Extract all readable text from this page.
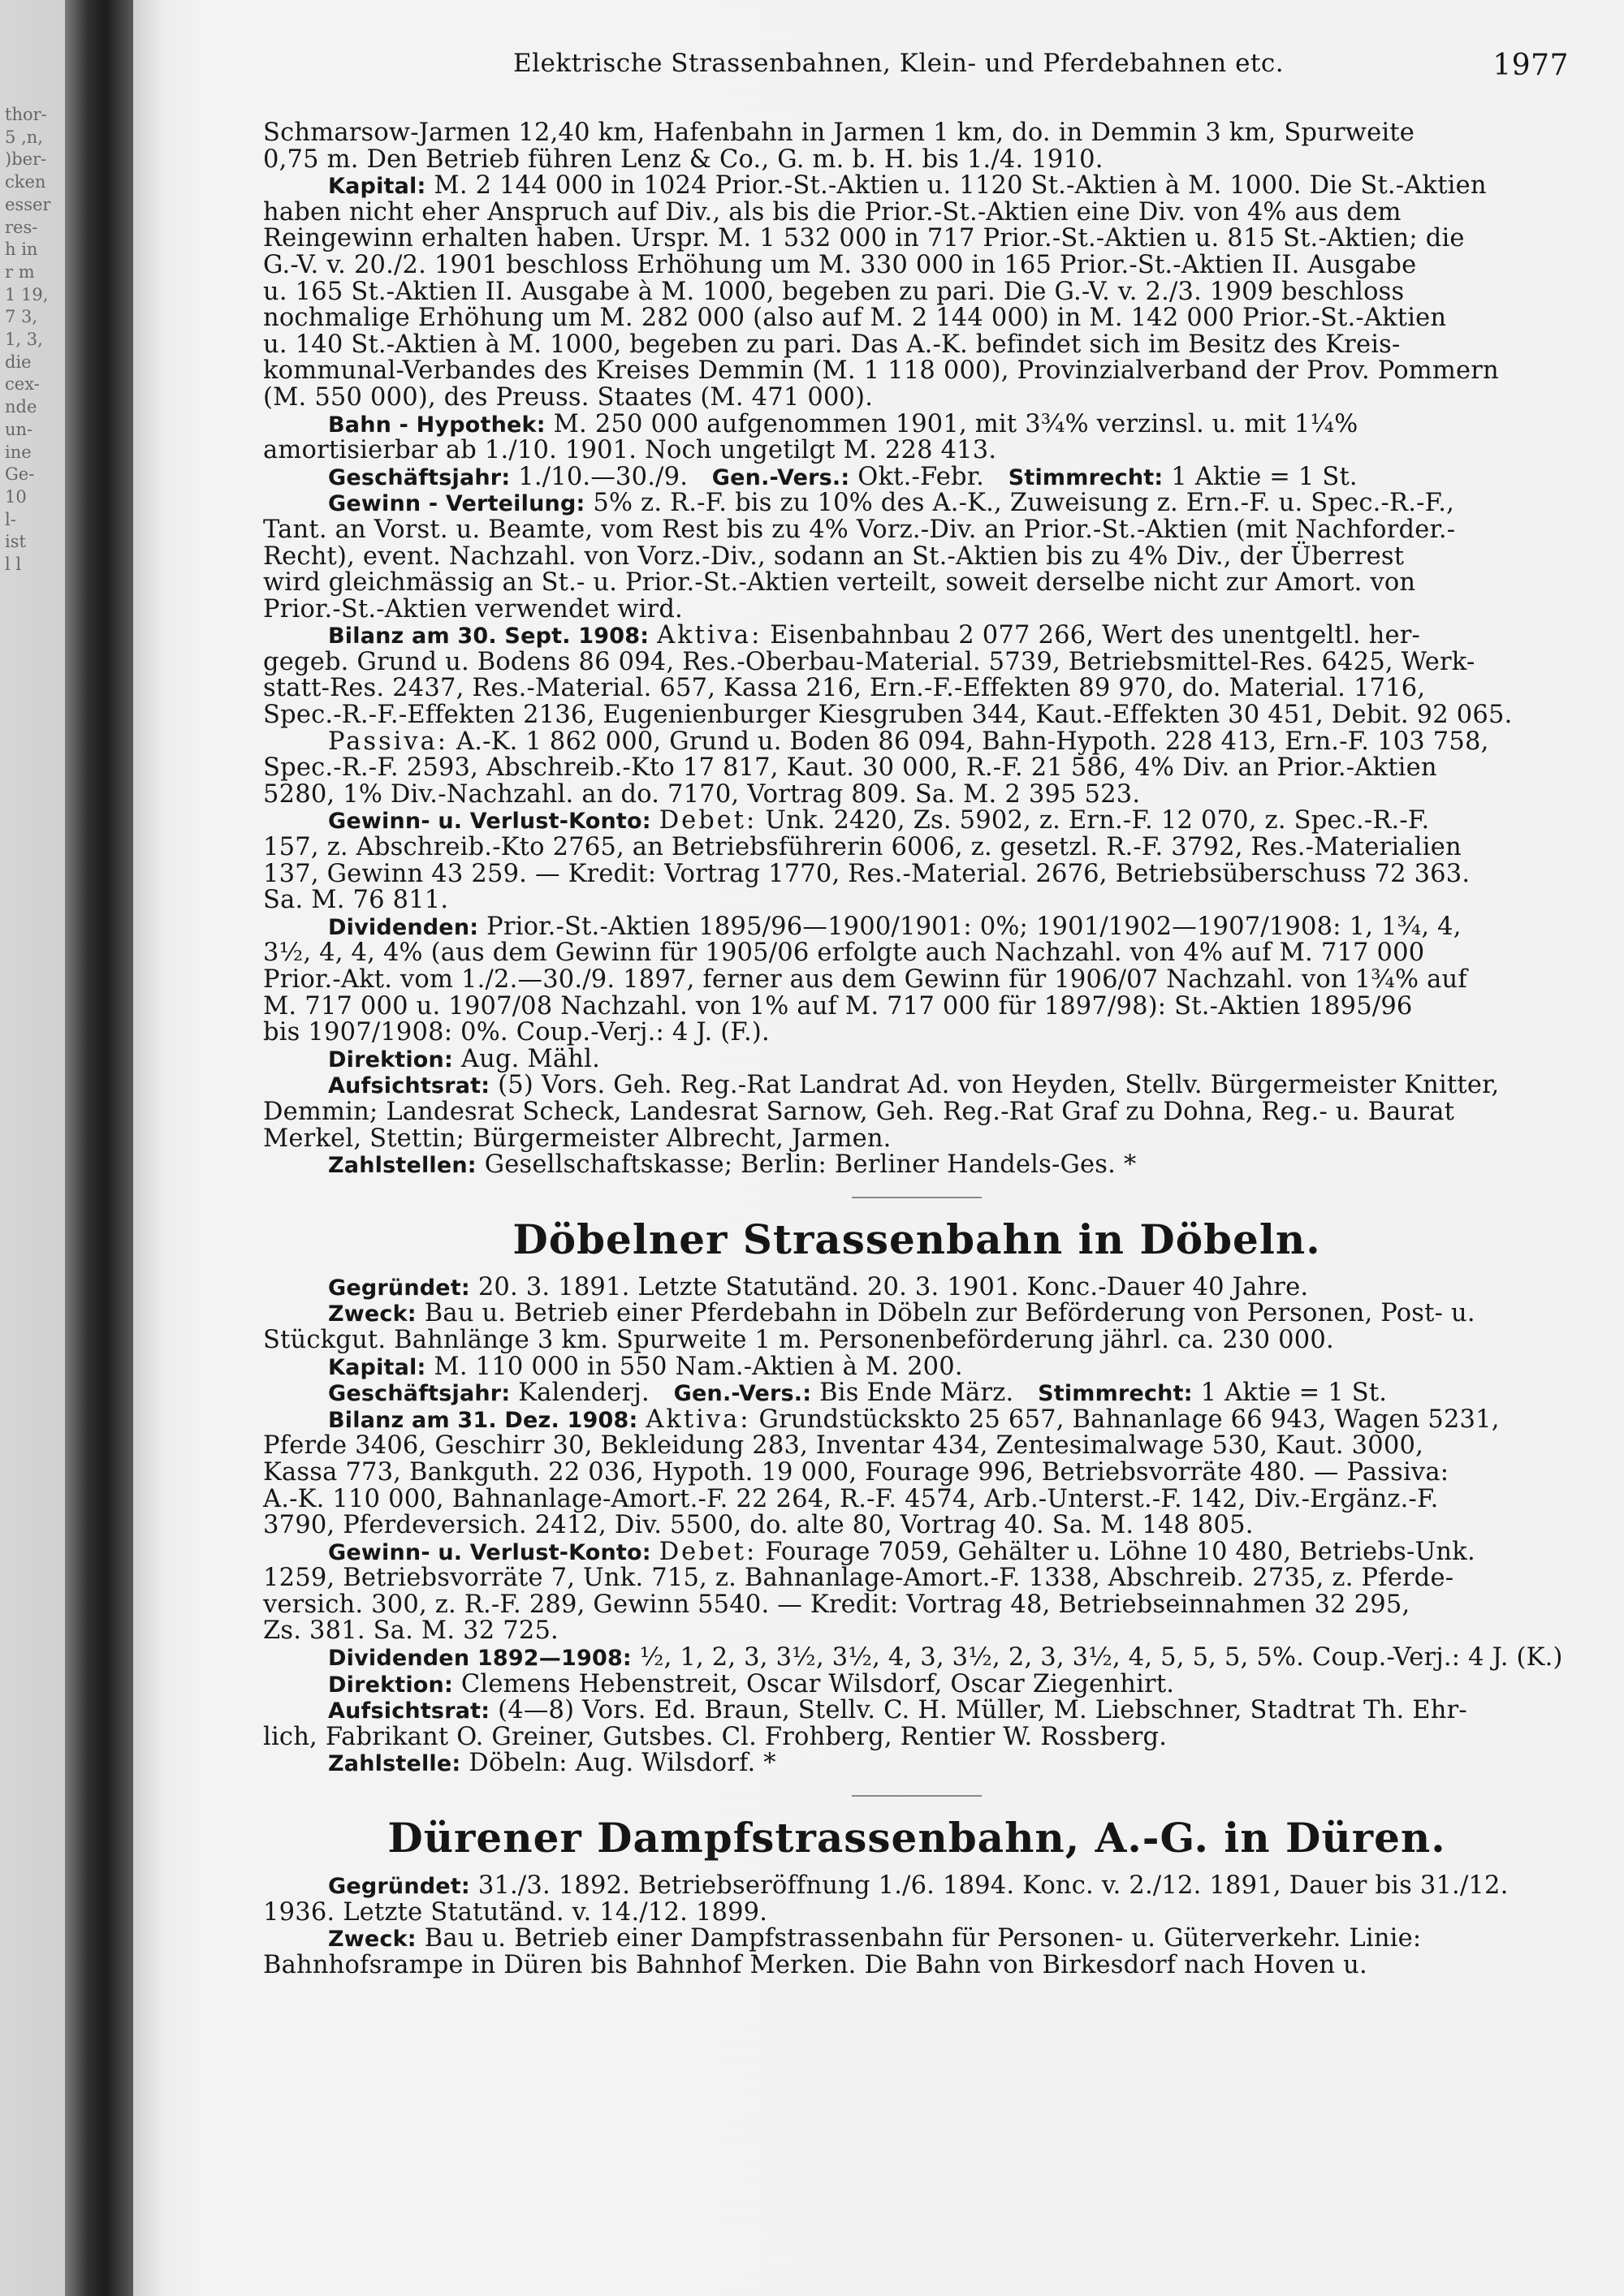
thor-
5 ‚n,
)ber-
cken
esser
res-
h in
r m
1 19,
7 3,
1, 3,
die
cex-
nde
un-
ine
Ge-
10
l-
ist
l l
Elektrische Strassenbahnen, Klein- und Pferdebahnen etc.	1977
Schmarsow-Jarmen 12,40 km, Hafenbahn in Jarmen 1 km, do. in Demmin 3 km, Spurweite
0,75 m. Den Betrieb führen Lenz & Co., G. m. b. H. bis 1./4. 1910.
Kapital: M. 2 144 000 in 1024 Prior.-St.-Aktien u. 1120 St.-Aktien à M. 1000. Die St.-Aktien
haben nicht eher Anspruch auf Div., als bis die Prior.-St.-Aktien eine Div. von 4% aus dem
Reingewinn erhalten haben. Urspr. M. 1 532 000 in 717 Prior.-St.-Aktien u. 815 St.-Aktien; die
G.-V. v. 20./2. 1901 beschloss Erhöhung um M. 330 000 in 165 Prior.-St.-Aktien II. Ausgabe
u. 165 St.-Aktien II. Ausgabe à M. 1000, begeben zu pari. Die G.-V. v. 2./3. 1909 beschloss
nochmalige Erhöhung um M. 282 000 (also auf M. 2 144 000) in M. 142 000 Prior.-St.-Aktien
u. 140 St.-Aktien à M. 1000, begeben zu pari. Das A.-K. befindet sich im Besitz des Kreis-
kommunal-Verbandes des Kreises Demmin (M. 1 118 000), Provinzialverband der Prov. Pommern
(M. 550 000), des Preuss. Staates (M. 471 000).
Bahn - Hypothek: M. 250 000 aufgenommen 1901, mit 3¾% verzinsl. u. mit 1¼%
amortisierbar ab 1./10. 1901. Noch ungetilgt M. 228 413.
Geschäftsjahr: 1./10.—30./9. Gen.-Vers.: Okt.-Febr. Stimmrecht: 1 Aktie = 1 St.
Gewinn - Verteilung: 5% z. R.-F. bis zu 10% des A.-K., Zuweisung z. Ern.-F. u. Spec.-R.-F.,
Tant. an Vorst. u. Beamte, vom Rest bis zu 4% Vorz.-Div. an Prior.-St.-Aktien (mit Nachforder.-
Recht), event. Nachzahl. von Vorz.-Div., sodann an St.-Aktien bis zu 4% Div., der Überrest
wird gleichmässig an St.- u. Prior.-St.-Aktien verteilt, soweit derselbe nicht zur Amort. von
Prior.-St.-Aktien verwendet wird.
Bilanz am 30. Sept. 1908: Aktiva: Eisenbahnbau 2 077 266, Wert des unentgeltl. her-
gegeb. Grund u. Bodens 86 094, Res.-Oberbau-Material. 5739, Betriebsmittel-Res. 6425, Werk-
statt-Res. 2437, Res.-Material. 657, Kassa 216, Ern.-F.-Effekten 89 970, do. Material. 1716,
Spec.-R.-F.-Effekten 2136, Eugenienburger Kiesgruben 344, Kaut.-Effekten 30 451, Debit. 92 065.
Passiva: A.-K. 1 862 000, Grund u. Boden 86 094, Bahn-Hypoth. 228 413, Ern.-F. 103 758,
Spec.-R.-F. 2593, Abschreib.-Kto 17 817, Kaut. 30 000, R.-F. 21 586, 4% Div. an Prior.-Aktien
5280, 1% Div.-Nachzahl. an do. 7170, Vortrag 809. Sa. M. 2 395 523.
Gewinn- u. Verlust-Konto: Debet: Unk. 2420, Zs. 5902, z. Ern.-F. 12 070, z. Spec.-R.-F.
157, z. Abschreib.-Kto 2765, an Betriebsführerin 6006, z. gesetzl. R.-F. 3792, Res.-Materialien
137, Gewinn 43 259. — Kredit: Vortrag 1770, Res.-Material. 2676, Betriebsüberschuss 72 363.
Sa. M. 76 811.
Dividenden: Prior.-St.-Aktien 1895/96—1900/1901: 0%; 1901/1902—1907/1908: 1, 1¾, 4,
3½, 4, 4, 4% (aus dem Gewinn für 1905/06 erfolgte auch Nachzahl. von 4% auf M. 717 000
Prior.-Akt. vom 1./2.—30./9. 1897, ferner aus dem Gewinn für 1906/07 Nachzahl. von 1¾% auf
M. 717 000 u. 1907/08 Nachzahl. von 1% auf M. 717 000 für 1897/98): St.-Aktien 1895/96
bis 1907/1908: 0%. Coup.-Verj.: 4 J. (F.).
Direktion: Aug. Mähl.
Aufsichtsrat: (5) Vors. Geh. Reg.-Rat Landrat Ad. von Heyden, Stellv. Bürgermeister Knitter,
Demmin; Landesrat Scheck, Landesrat Sarnow, Geh. Reg.-Rat Graf zu Dohna, Reg.- u. Baurat
Merkel, Stettin; Bürgermeister Albrecht, Jarmen.
Zahlstellen: Gesellschaftskasse; Berlin: Berliner Handels-Ges. *
Döbelner Strassenbahn in Döbeln.
Gegründet: 20. 3. 1891. Letzte Statutänd. 20. 3. 1901. Konc.-Dauer 40 Jahre.
Zweck: Bau u. Betrieb einer Pferdebahn in Döbeln zur Beförderung von Personen, Post- u.
Stückgut. Bahnlänge 3 km. Spurweite 1 m. Personenbeförderung jährl. ca. 230 000.
Kapital: M. 110 000 in 550 Nam.-Aktien à M. 200.
Geschäftsjahr: Kalenderj. Gen.-Vers.: Bis Ende März. Stimmrecht: 1 Aktie = 1 St.
Bilanz am 31. Dez. 1908: Aktiva: Grundstückskto 25 657, Bahnanlage 66 943, Wagen 5231,
Pferde 3406, Geschirr 30, Bekleidung 283, Inventar 434, Zentesimalwage 530, Kaut. 3000,
Kassa 773, Bankguth. 22 036, Hypoth. 19 000, Fourage 996, Betriebsvorräte 480. — Passiva:
A.-K. 110 000, Bahnanlage-Amort.-F. 22 264, R.-F. 4574, Arb.-Unterst.-F. 142, Div.-Ergänz.-F.
3790, Pferdeversich. 2412, Div. 5500, do. alte 80, Vortrag 40. Sa. M. 148 805.
Gewinn- u. Verlust-Konto: Debet: Fourage 7059, Gehälter u. Löhne 10 480, Betriebs-Unk.
1259, Betriebsvorräte 7, Unk. 715, z. Bahnanlage-Amort.-F. 1338, Abschreib. 2735, z. Pferde-
versich. 300, z. R.-F. 289, Gewinn 5540. — Kredit: Vortrag 48, Betriebseinnahmen 32 295,
Zs. 381. Sa. M. 32 725.
Dividenden 1892—1908: ½, 1, 2, 3, 3½, 3½, 4, 3, 3½, 2, 3, 3½, 4, 5, 5, 5, 5%. Coup.-Verj.: 4 J. (K.)
Direktion: Clemens Hebenstreit, Oscar Wilsdorf, Oscar Ziegenhirt.
Aufsichtsrat: (4—8) Vors. Ed. Braun, Stellv. C. H. Müller, M. Liebschner, Stadtrat Th. Ehr-
lich, Fabrikant O. Greiner, Gutsbes. Cl. Frohberg, Rentier W. Rossberg.
Zahlstelle: Döbeln: Aug. Wilsdorf. *
Dürener Dampfstrassenbahn, A.-G. in Düren.
Gegründet: 31./3. 1892. Betriebseröffnung 1./6. 1894. Konc. v. 2./12. 1891, Dauer bis 31./12.
1936. Letzte Statutänd. v. 14./12. 1899.
Zweck: Bau u. Betrieb einer Dampfstrassenbahn für Personen- u. Güterverkehr. Linie:
Bahnhofsrampe in Düren bis Bahnhof Merken. Die Bahn von Birkesdorf nach Hoven u.
